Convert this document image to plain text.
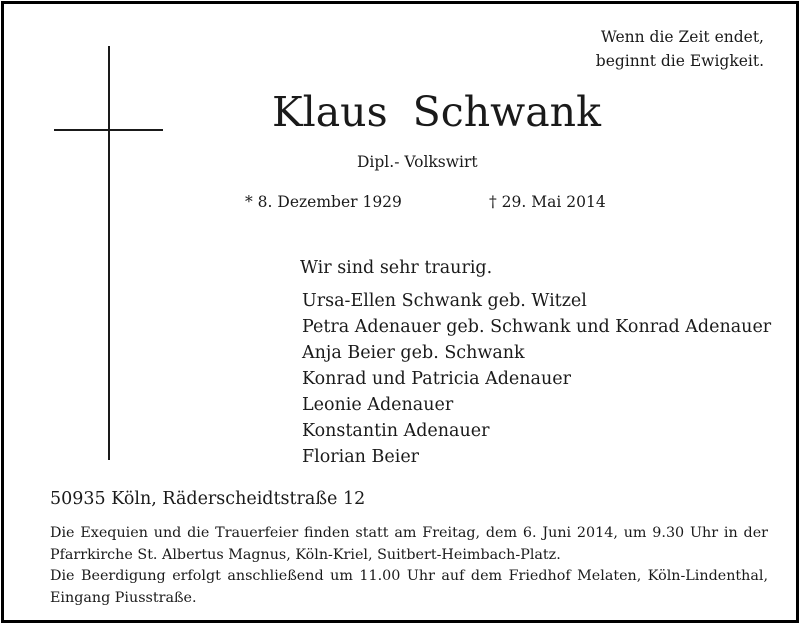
Wenn die Zeit endet,
beginnt die Ewigkeit.
Klaus Schwank
Dipl.- Volkswirt
* 8. Dezember 1929	† 29. Mai 2014
Wir sind sehr traurig.
Ursa-Ellen Schwank geb. Witzel
Petra Adenauer geb. Schwank und Konrad Adenauer
Anja Beier geb. Schwank
Konrad und Patricia Adenauer
Leonie Adenauer
Konstantin Adenauer
Florian Beier
50935 Köln, Räderscheidtstraße 12

Die Exequien und die Trauerfeier finden statt am Freitag, dem 6. Juni 2014, um 9.30 Uhr in der Pfarrkirche St. Albertus Magnus, Köln-Kriel, Suitbert-Heimbach-Platz.

Die Beerdigung erfolgt anschließend um 11.00 Uhr auf dem Friedhof Melaten, Köln-Lindenthal, Eingang Piusstraße.
